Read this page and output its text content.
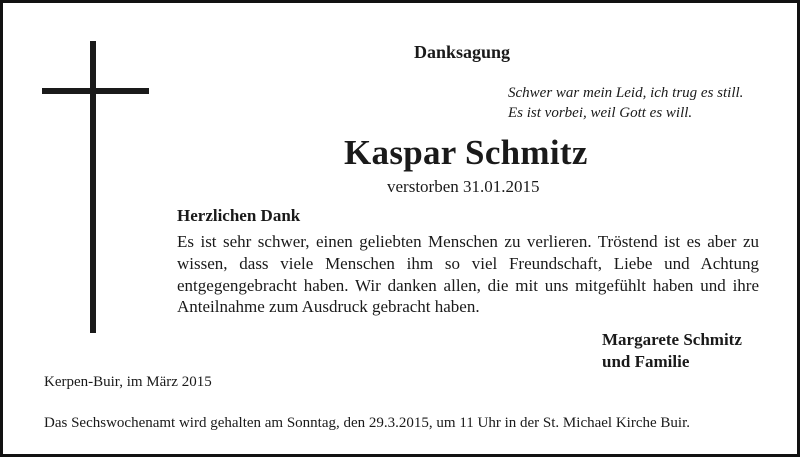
Danksagung
Schwer war mein Leid, ich trug es still.
Es ist vorbei, weil Gott es will.
Kaspar Schmitz
verstorben 31.01.2015
Herzlichen Dank
Es ist sehr schwer, einen geliebten Menschen zu verlieren. Tröstend ist es aber zu wissen, dass viele Menschen ihm so viel Freundschaft, Liebe und Achtung entgegengebracht haben. Wir danken allen, die mit uns mitgefühlt haben und ihre Anteilnahme zum Ausdruck gebracht haben.
Margarete Schmitz
und Familie
Kerpen-Buir, im März 2015
Das Sechswochenamt wird gehalten am Sonntag, den 29.3.2015, um 11 Uhr in der St. Michael Kirche Buir.
